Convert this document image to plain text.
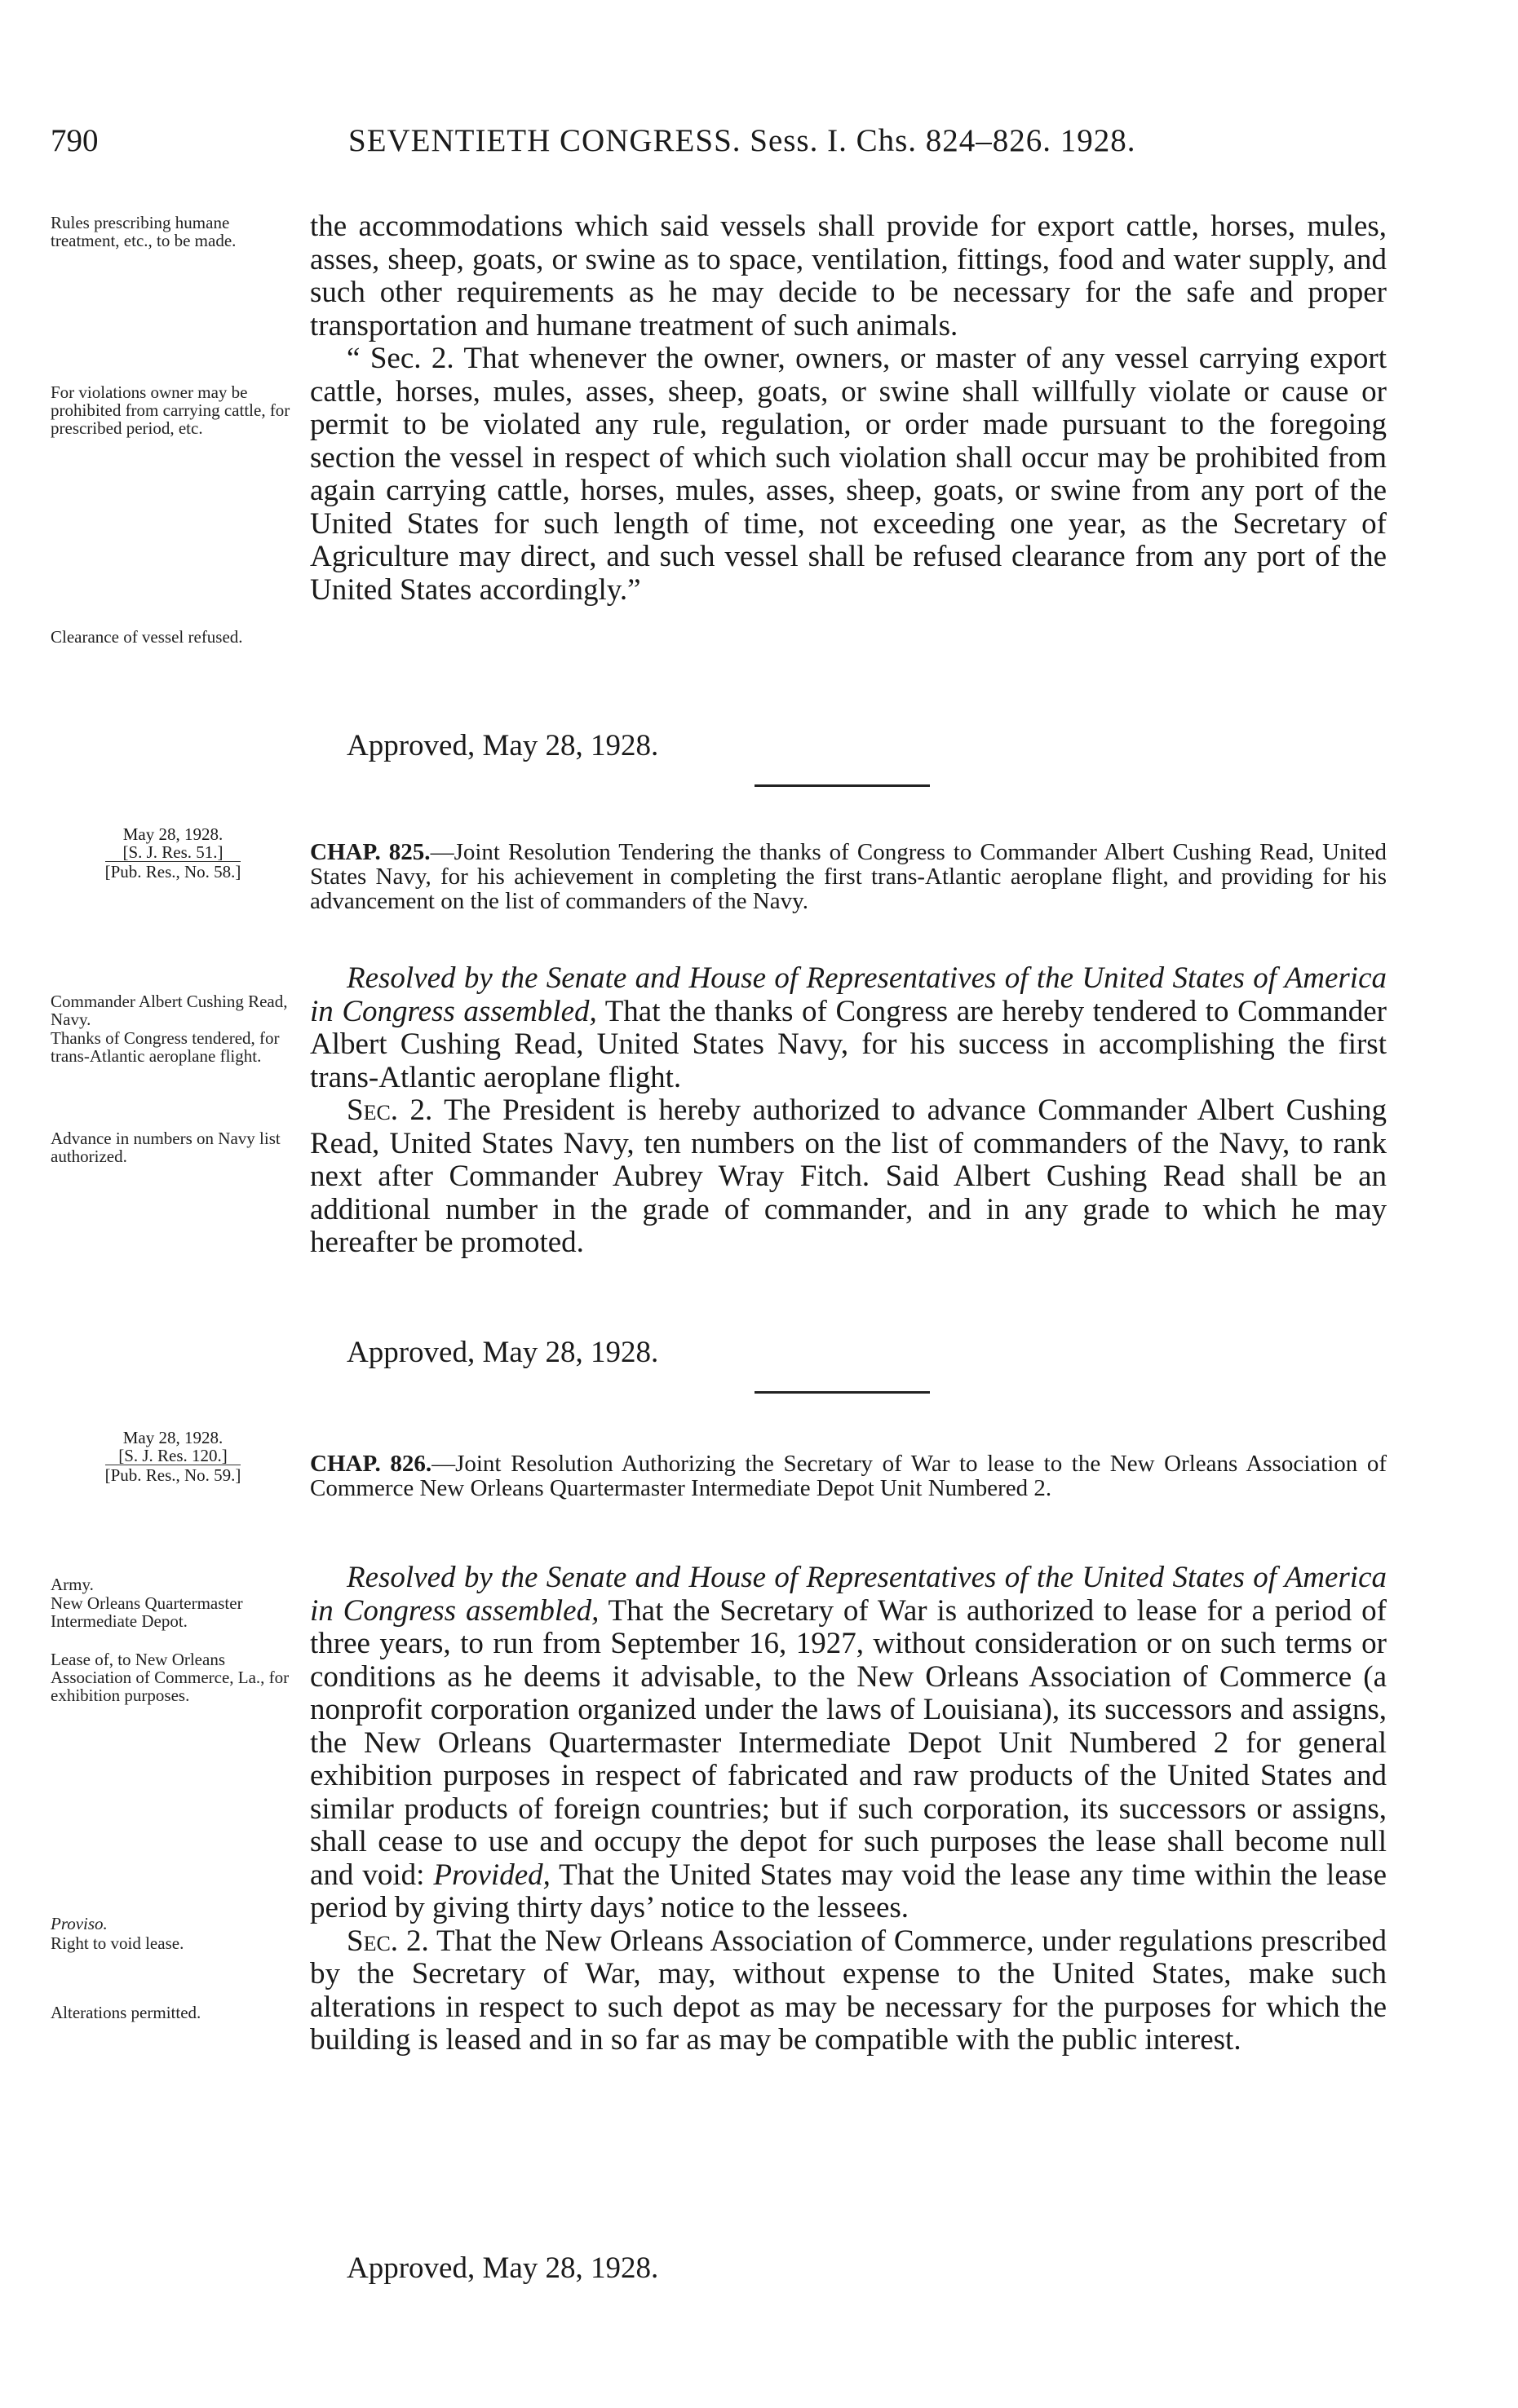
790	SEVENTIETH CONGRESS. Sess. I. Chs. 824–826. 1928.
Rules prescribing humane treatment, etc., to be made.
For violations owner may be prohibited from carrying cattle, for prescribed period, etc.
Clearance of vessel refused.

the accommodations which said vessels shall provide for export cattle, horses, mules, asses, sheep, goats, or swine as to space, ventilation, fittings, food and water supply, and such other requirements as he may decide to be necessary for the safe and proper transportation and humane treatment of such animals.

“ Sec. 2. That whenever the owner, owners, or master of any vessel carrying export cattle, horses, mules, asses, sheep, goats, or swine shall willfully violate or cause or permit to be violated any rule, regulation, or order made pursuant to the foregoing section the vessel in respect of which such violation shall occur may be prohibited from again carrying cattle, horses, mules, asses, sheep, goats, or swine from any port of the United States for such length of time, not exceeding one year, as the Secretary of Agriculture may direct, and such vessel shall be refused clearance from any port of the United States accordingly.”

Approved, May 28, 1928.
May 28, 1928.
[S. J. Res. 51.]
[Pub. Res., No. 58.]

CHAP. 825.—Joint Resolution Tendering the thanks of Congress to Commander Albert Cushing Read, United States Navy, for his achievement in completing the first trans-Atlantic aeroplane flight, and providing for his advancement on the list of commanders of the Navy.

Commander Albert Cushing Read, Navy.
Thanks of Congress tendered, for trans-Atlantic aeroplane flight.
Advance in numbers on Navy list authorized.

Resolved by the Senate and House of Representatives of the United States of America in Congress assembled, That the thanks of Congress are hereby tendered to Commander Albert Cushing Read, United States Navy, for his success in accomplishing the first trans-Atlantic aeroplane flight.

Sec. 2. The President is hereby authorized to advance Commander Albert Cushing Read, United States Navy, ten numbers on the list of commanders of the Navy, to rank next after Commander Aubrey Wray Fitch. Said Albert Cushing Read shall be an additional number in the grade of commander, and in any grade to which he may hereafter be promoted.

Approved, May 28, 1928.
May 28, 1928.
[S. J. Res. 120.]
[Pub. Res., No. 59.]	CHAP. 826.—Joint Resolution Authorizing the Secretary of War to lease to the New Orleans Association of Commerce New Orleans Quartermaster Intermediate Depot Unit Numbered 2.

Army.
New Orleans Quartermaster Intermediate Depot.
Lease of, to New Orleans Association of Commerce, La., for exhibition purposes.
Proviso.
Right to void lease.
Alterations permitted.

Resolved by the Senate and House of Representatives of the United States of America in Congress assembled, That the Secretary of War is authorized to lease for a period of three years, to run from September 16, 1927, without consideration or on such terms or conditions as he deems it advisable, to the New Orleans Association of Commerce (a nonprofit corporation organized under the laws of Louisiana), its successors and assigns, the New Orleans Quartermaster Intermediate Depot Unit Numbered 2 for general exhibition purposes in respect of fabricated and raw products of the United States and similar products of foreign countries; but if such corporation, its successors or assigns, shall cease to use and occupy the depot for such purposes the lease shall become null and void: Provided, That the United States may void the lease any time within the lease period by giving thirty days’ notice to the lessees.

Sec. 2. That the New Orleans Association of Commerce, under regulations prescribed by the Secretary of War, may, without expense to the United States, make such alterations in respect to such depot as may be necessary for the purposes for which the building is leased and in so far as may be compatible with the public interest.

Approved, May 28, 1928.
